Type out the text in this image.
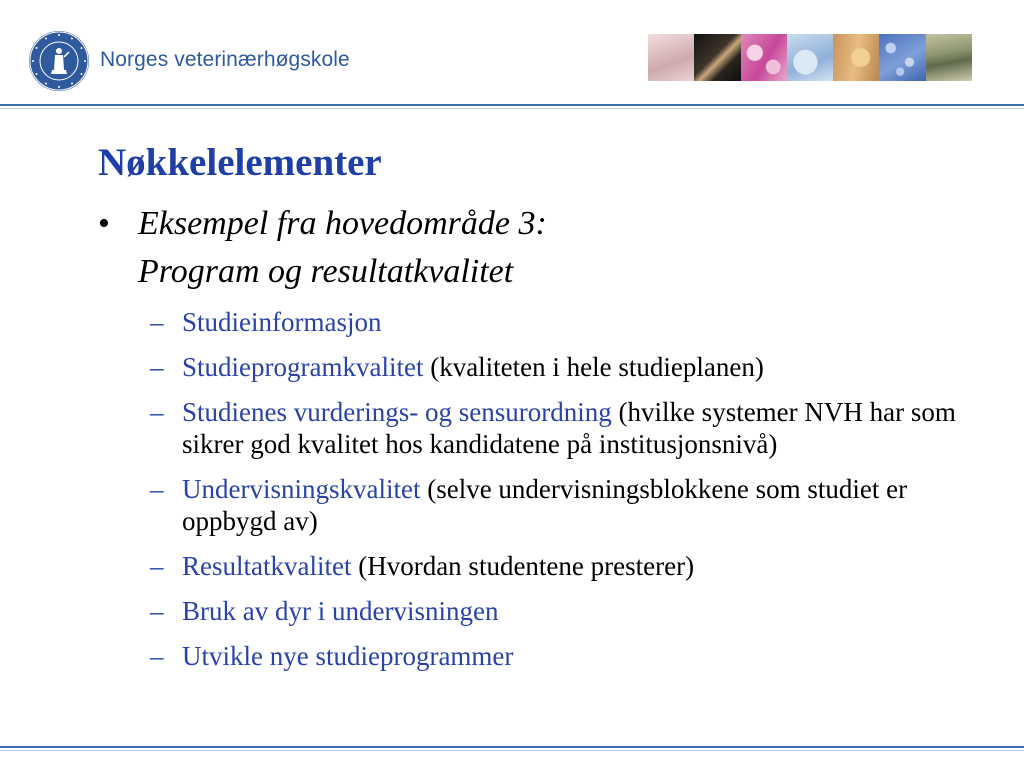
Norges veterinærhøgskole
Nøkkelelementer
• Eksempel fra hovedområde 3:
Program og resultatkvalitet
– Studieinformasjon
– Studieprogramkvalitet (kvaliteten i hele studieplanen)
– Studienes vurderings- og sensurordning (hvilke systemer NVH har som sikrer god kvalitet hos kandidatene på institusjonsnivå)
– Undervisningskvalitet (selve undervisningsblokkene som studiet er oppbygd av)
– Resultatkvalitet (Hvordan studentene presterer)
– Bruk av dyr i undervisningen
– Utvikle nye studieprogrammer
